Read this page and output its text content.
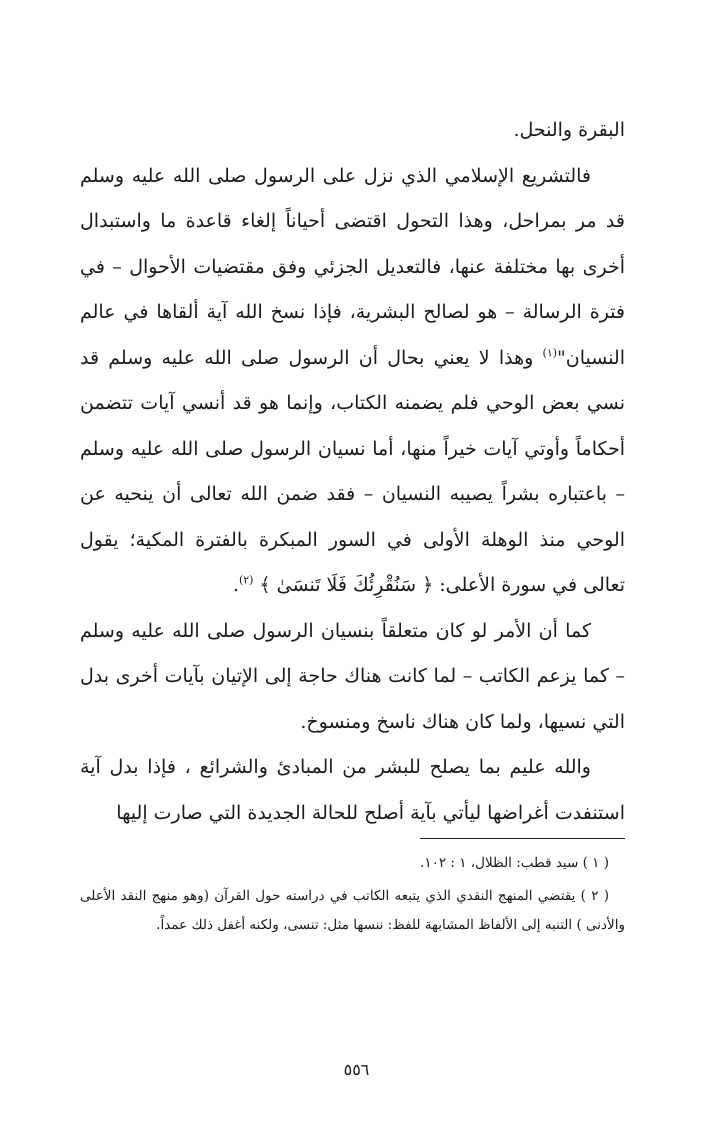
البقرة والنحل.

فالتشريع الإسلامي الذي نزل على الرسول صلى الله عليه وسلم قد مر بمراحل، وهذا التحول اقتضى أحياناً إلغاء قاعدة ما واستبدال أخرى بها مختلفة عنها، فالتعديل الجزئي وفق مقتضيات الأحوال – في فترة الرسالة – هو لصالح البشرية، فإذا نسخ الله آية ألقاها في عالم النسيان"$^{(١)}$ وهذا لا يعني بحال أن الرسول صلى الله عليه وسلم قد نسي بعض الوحي فلم يضمنه الكتاب، وإنما هو قد أنسي آيات تتضمن أحكاماً وأوتي آيات خيراً منها، أما نسيان الرسول صلى الله عليه وسلم – باعتباره بشراً يصيبه النسيان – فقد ضمن الله تعالى أن ينحيه عن الوحي منذ الوهلة الأولى في السور المبكرة بالفترة المكية؛ يقول تعالى في سورة الأعلى: ﴿ سَنُقْرِئُكَ فَلَا تَنسَىٰ ﴾ $^{(٢)}$.

كما أن الأمر لو كان متعلقاً بنسيان الرسول صلى الله عليه وسلم – كما يزعم الكاتب – لما كانت هناك حاجة إلى الإتيان بآيات أخرى بدل التي نسيها، ولما كان هناك ناسخ ومنسوخ.

والله عليم بما يصلح للبشر من المبادئ والشرائع ، فإذا بدل آية استنفدت أغراضها ليأتي بآية أصلح للحالة الجديدة التي صارت إليها

( ١ ) سيد قطب: الظلال، ١ : ١٠٢.

( ٢ ) يقتضي المنهج النقدي الذي يتبعه الكاتب في دراسته حول القرآن (وهو منهج النقد الأعلى والأدنى ) التنبه إلى الألفاظ المشابهة للفظ: ننسها مثل: تنسى، ولكنه أغفل ذلك عمداً.

٥٥٦
